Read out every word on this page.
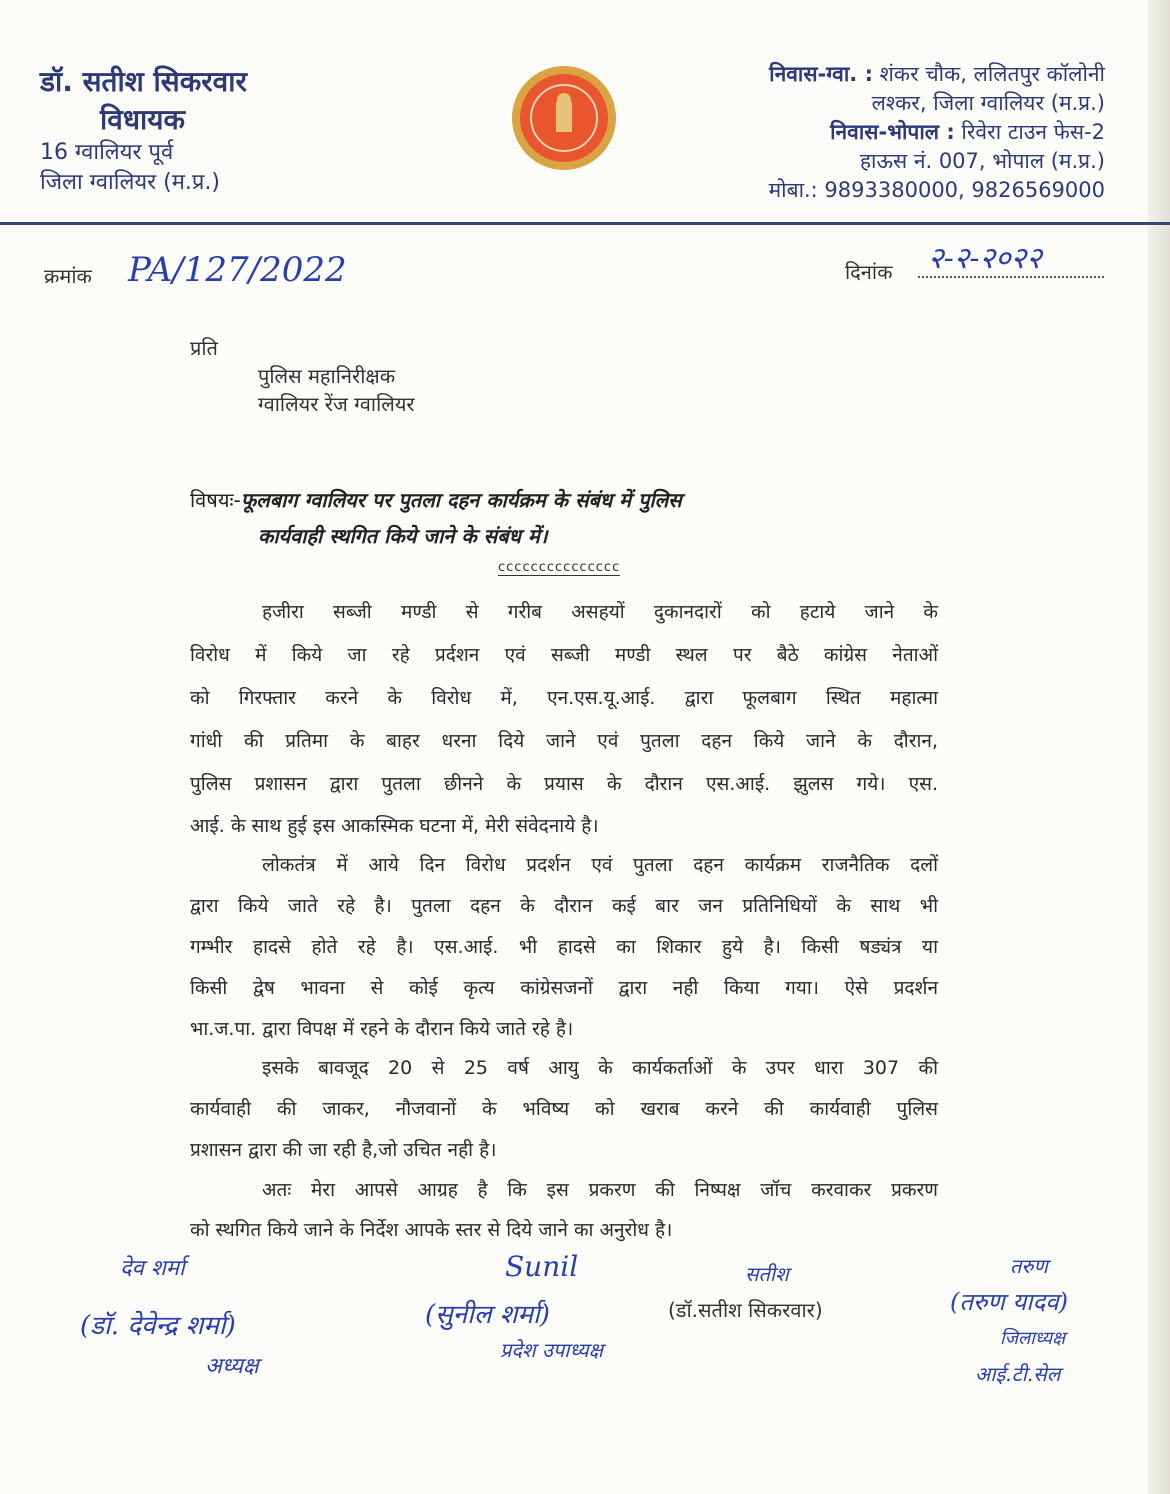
डॉ. सतीश सिकरवार
विधायक
16 ग्वालियर पूर्व
जिला ग्वालियर (म.प्र.)
निवास-ग्वा. : शंकर चौक, ललितपुर कॉलोनी
लश्कर, जिला ग्वालियर (म.प्र.)
निवास-भोपाल : रिवेरा टाउन फेस-2
हाऊस नं. 007, भोपाल (म.प्र.)
मोबा.: 9893380000, 9826569000
क्रमांक PA/127/2022	दिनांक २-२-२०२२
प्रति
पुलिस महानिरीक्षक
ग्वालियर रेंज ग्वालियर
विषयः-फूलबाग ग्वालियर पर पुतला दहन कार्यक्रम के संबंध में पुलिस
कार्यवाही स्थगित किये जाने के संबंध में।
ccccccccccccccc
हजीरा सब्जी मण्डी से गरीब असहयों दुकानदारों को हटाये जाने के
विरोध में किये जा रहे प्रर्दशन एवं सब्जी मण्डी स्थल पर बैठे कांग्रेस नेताओं
को गिरफ्तार करने के विरोध में, एन.एस.यू.आई. द्वारा फूलबाग स्थित महात्मा
गांधी की प्रतिमा के बाहर धरना दिये जाने एवं पुतला दहन किये जाने के दौरान,
पुलिस प्रशासन द्वारा पुतला छीनने के प्रयास के दौरान एस.आई. झुलस गये। एस.
आई. के साथ हुई इस आकस्मिक घटना में, मेरी संवेदनाये है।
लोकतंत्र में आये दिन विरोध प्रदर्शन एवं पुतला दहन कार्यक्रम राजनैतिक दलों
द्वारा किये जाते रहे है। पुतला दहन के दौरान कई बार जन प्रतिनिधियों के साथ भी
गम्भीर हादसे होते रहे है। एस.आई. भी हादसे का शिकार हुये है। किसी षड्यंत्र या
किसी द्वेष भावना से कोई कृत्य कांग्रेसजनों द्वारा नही किया गया। ऐसे प्रदर्शन
भा.ज.पा. द्वारा विपक्ष में रहने के दौरान किये जाते रहे है।
इसके बावजूद 20 से 25 वर्ष आयु के कार्यकर्ताओं के उपर धारा 307 की
कार्यवाही की जाकर, नौजवानों के भविष्य को खराब करने की कार्यवाही पुलिस
प्रशासन द्वारा की जा रही है,जो उचित नही है।
अतः मेरा आपसे आग्रह है कि इस प्रकरण की निष्पक्ष जॉच करवाकर प्रकरण
को स्थगित किये जाने के निर्देश आपके स्तर से दिये जाने का अनुरोध है।
देव शर्मा
(डॉ. देवेन्द्र शर्मा)
अध्यक्ष
Sunil
(सुनील शर्मा)
प्रदेश उपाध्यक्ष
सतीश
(डॉ.सतीश सिकरवार)
तरुण
(तरुण यादव)
जिलाध्यक्ष
आई.टी.सेल
